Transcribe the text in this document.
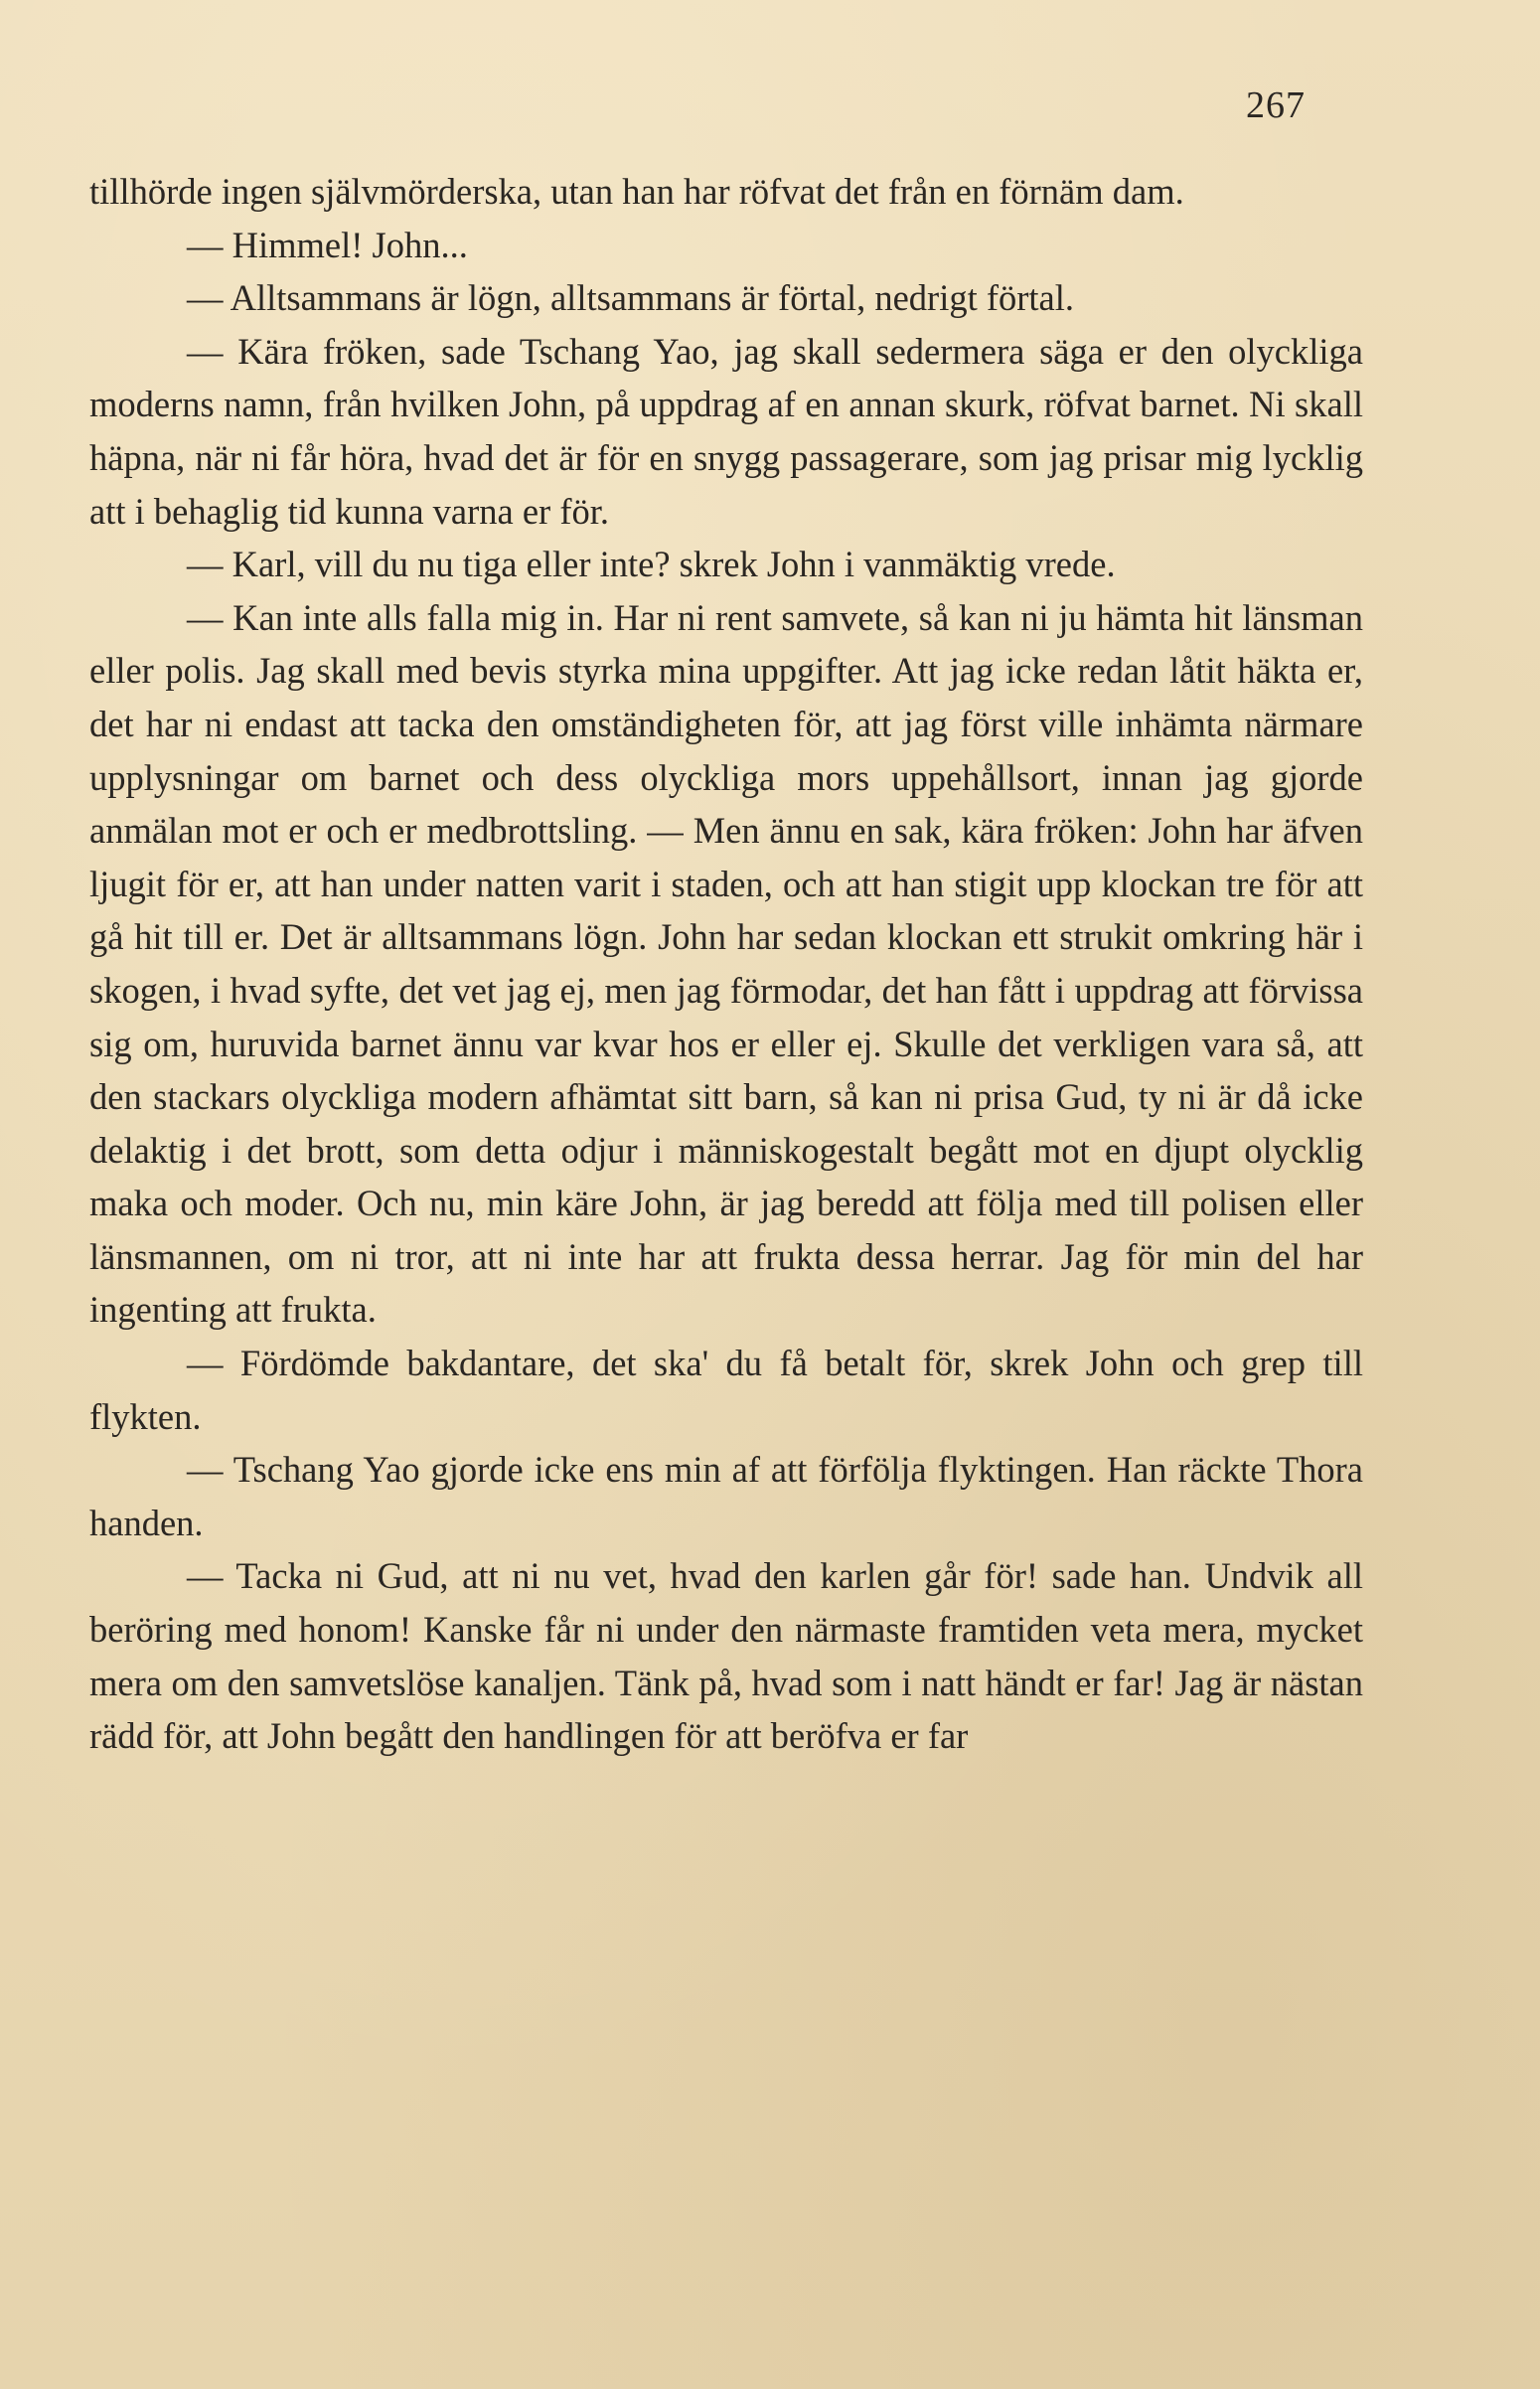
267

tillhörde ingen självmörderska, utan han har röfvat det från en förnäm dam.

— Himmel! John...

— Alltsammans är lögn, alltsammans är förtal, nedrigt förtal.

— Kära fröken, sade Tschang Yao, jag skall sedermera säga er den olyckliga moderns namn, från hvilken John, på uppdrag af en annan skurk, röfvat barnet. Ni skall häpna, när ni får höra, hvad det är för en snygg passagerare, som jag prisar mig lycklig att i behaglig tid kunna varna er för.

— Karl, vill du nu tiga eller inte? skrek John i vanmäktig vrede.

— Kan inte alls falla mig in. Har ni rent samvete, så kan ni ju hämta hit länsman eller polis. Jag skall med bevis styrka mina uppgifter. Att jag icke redan låtit häkta er, det har ni endast att tacka den omständigheten för, att jag först ville inhämta närmare upplysningar om barnet och dess olyckliga mors uppehållsort, innan jag gjorde anmälan mot er och er medbrottsling. — Men ännu en sak, kära fröken: John har äfven ljugit för er, att han under natten varit i staden, och att han stigit upp klockan tre för att gå hit till er. Det är alltsammans lögn. John har sedan klockan ett strukit omkring här i skogen, i hvad syfte, det vet jag ej, men jag förmodar, det han fått i uppdrag att förvissa sig om, huruvida barnet ännu var kvar hos er eller ej. Skulle det verkligen vara så, att den stackars olyckliga modern afhämtat sitt barn, så kan ni prisa Gud, ty ni är då icke delaktig i det brott, som detta odjur i människogestalt begått mot en djupt olycklig maka och moder. Och nu, min käre John, är jag beredd att följa med till polisen eller länsmannen, om ni tror, att ni inte har att frukta dessa herrar. Jag för min del har ingenting att frukta.

— Fördömde bakdantare, det ska' du få betalt för, skrek John och grep till flykten.

— Tschang Yao gjorde icke ens min af att förfölja flyktingen. Han räckte Thora handen.

— Tacka ni Gud, att ni nu vet, hvad den karlen går för! sade han. Undvik all beröring med honom! Kanske får ni under den närmaste framtiden veta mera, mycket mera om den samvetslöse kanaljen. Tänk på, hvad som i natt händt er far! Jag är nästan rädd för, att John begått den handlingen för att beröfva er far
